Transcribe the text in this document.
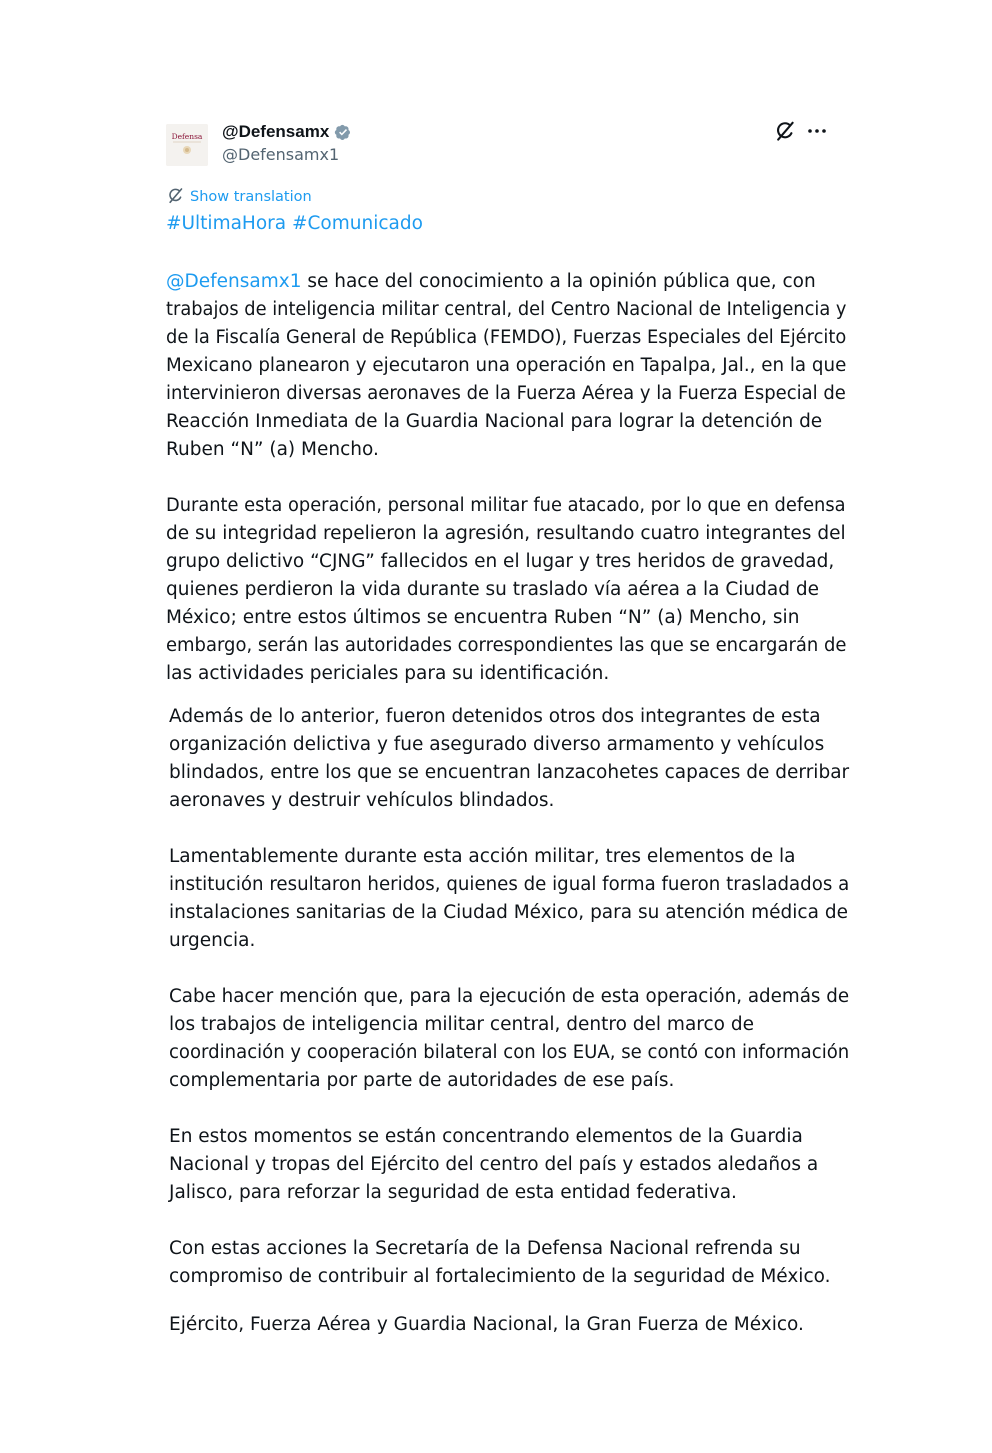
Defensa @Defensamx
@Defensamx1
Show translation
#UltimaHora #Comunicado

@Defensamx1 se hace del conocimiento a la opinión pública que, con
trabajos de inteligencia militar central, del Centro Nacional de Inteligencia y
de la Fiscalía General de República (FEMDO), Fuerzas Especiales del Ejército
Mexicano planearon y ejecutaron una operación en Tapalpa, Jal., en la que
intervinieron diversas aeronaves de la Fuerza Aérea y la Fuerza Especial de
Reacción Inmediata de la Guardia Nacional para lograr la detención de
Ruben “N” (a) Mencho.

Durante esta operación, personal militar fue atacado, por lo que en defensa
de su integridad repelieron la agresión, resultando cuatro integrantes del
grupo delictivo “CJNG” fallecidos en el lugar y tres heridos de gravedad,
quienes perdieron la vida durante su traslado vía aérea a la Ciudad de
México; entre estos últimos se encuentra Ruben “N” (a) Mencho, sin
embargo, serán las autoridades correspondientes las que se encargarán de
las actividades periciales para su identificación.

Además de lo anterior, fueron detenidos otros dos integrantes de esta
organización delictiva y fue asegurado diverso armamento y vehículos
blindados, entre los que se encuentran lanzacohetes capaces de derribar
aeronaves y destruir vehículos blindados.

Lamentablemente durante esta acción militar, tres elementos de la
institución resultaron heridos, quienes de igual forma fueron trasladados a
instalaciones sanitarias de la Ciudad México, para su atención médica de
urgencia.

Cabe hacer mención que, para la ejecución de esta operación, además de
los trabajos de inteligencia militar central, dentro del marco de
coordinación y cooperación bilateral con los EUA, se contó con información
complementaria por parte de autoridades de ese país.

En estos momentos se están concentrando elementos de la Guardia
Nacional y tropas del Ejército del centro del país y estados aledaños a
Jalisco, para reforzar la seguridad de esta entidad federativa.

Con estas acciones la Secretaría de la Defensa Nacional refrenda su
compromiso de contribuir al fortalecimiento de la seguridad de México.

Ejército, Fuerza Aérea y Guardia Nacional, la Gran Fuerza de México.
